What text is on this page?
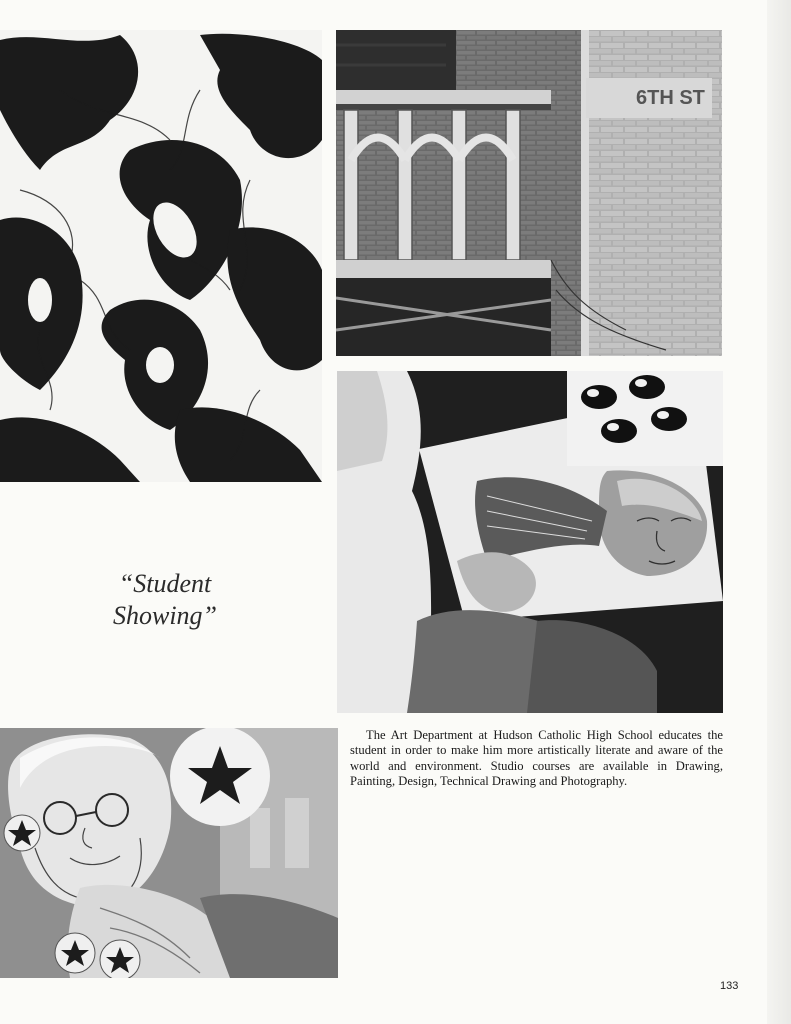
6TH ST
“Student
Showing”
The Art Department at Hudson Catholic High School educates the student in order to make him more artistically literate and aware of the world and environment. Studio courses are available in Drawing, Painting, Design, Technical Drawing and Photography.
133
